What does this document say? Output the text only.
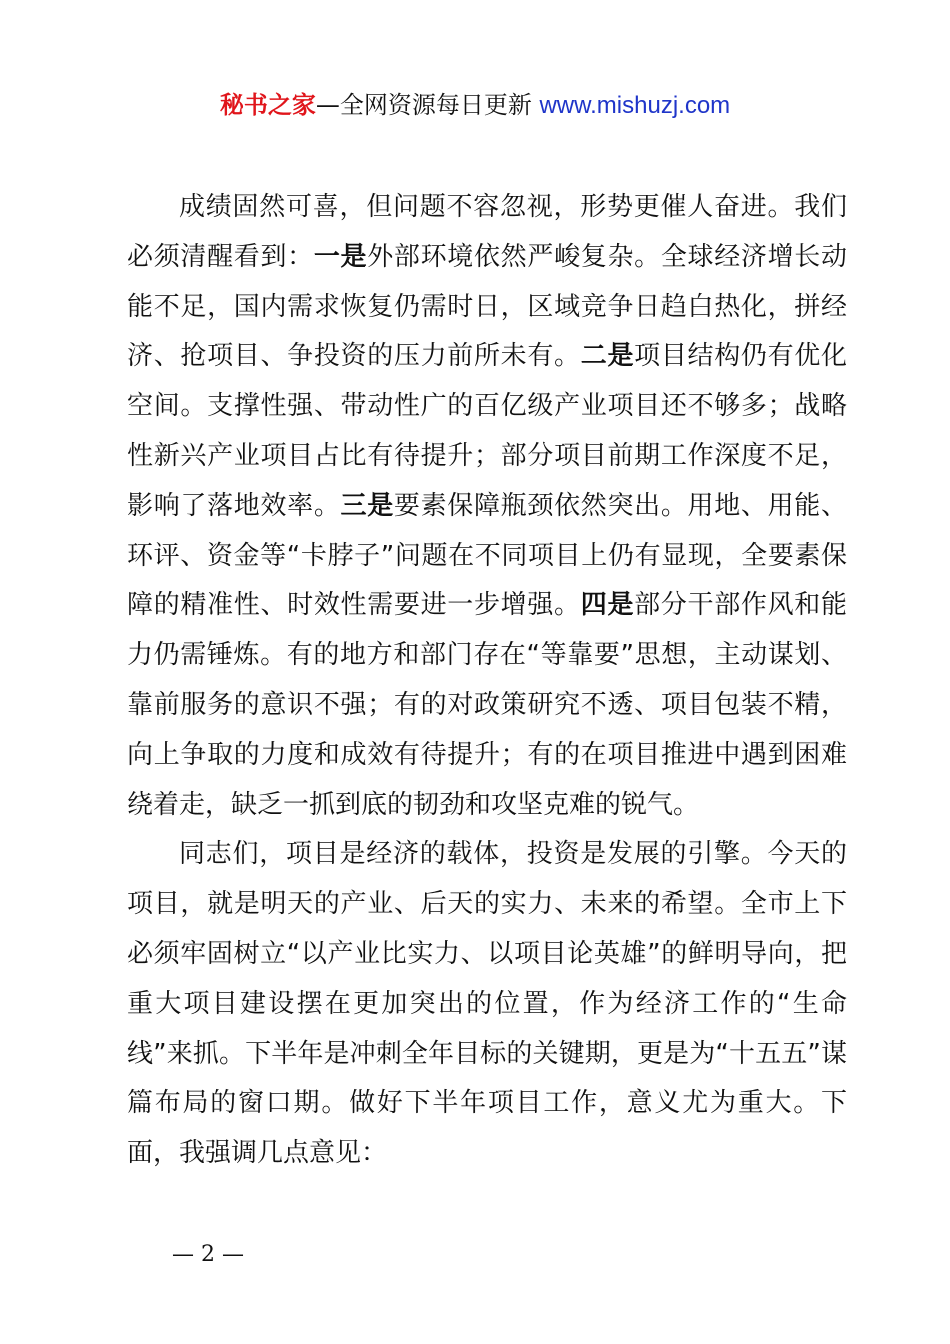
秘书之家—全网资源每日更新 www.mishuzj.com

成绩固然可喜，但问题不容忽视，形势更催人奋进。我们必须清醒看到：一是外部环境依然严峻复杂。全球经济增长动能不足，国内需求恢复仍需时日，区域竞争日趋白热化，拼经济、抢项目、争投资的压力前所未有。二是项目结构仍有优化空间。支撑性强、带动性广的百亿级产业项目还不够多；战略性新兴产业项目占比有待提升；部分项目前期工作深度不足，影响了落地效率。三是要素保障瓶颈依然突出。用地、用能、环评、资金等“卡脖子”问题在不同项目上仍有显现，全要素保障的精准性、时效性需要进一步增强。四是部分干部作风和能力仍需锤炼。有的地方和部门存在“等靠要”思想，主动谋划、靠前服务的意识不强；有的对政策研究不透、项目包装不精，向上争取的力度和成效有待提升；有的在项目推进中遇到困难绕着走，缺乏一抓到底的韧劲和攻坚克难的锐气。

同志们，项目是经济的载体，投资是发展的引擎。今天的项目，就是明天的产业、后天的实力、未来的希望。全市上下必须牢固树立“以产业比实力、以项目论英雄”的鲜明导向，把重大项目建设摆在更加突出的位置，作为经济工作的“生命线”来抓。下半年是冲刺全年目标的关键期，更是为“十五五”谋篇布局的窗口期。做好下半年项目工作，意义尤为重大。下面，我强调几点意见：

— 2 —
